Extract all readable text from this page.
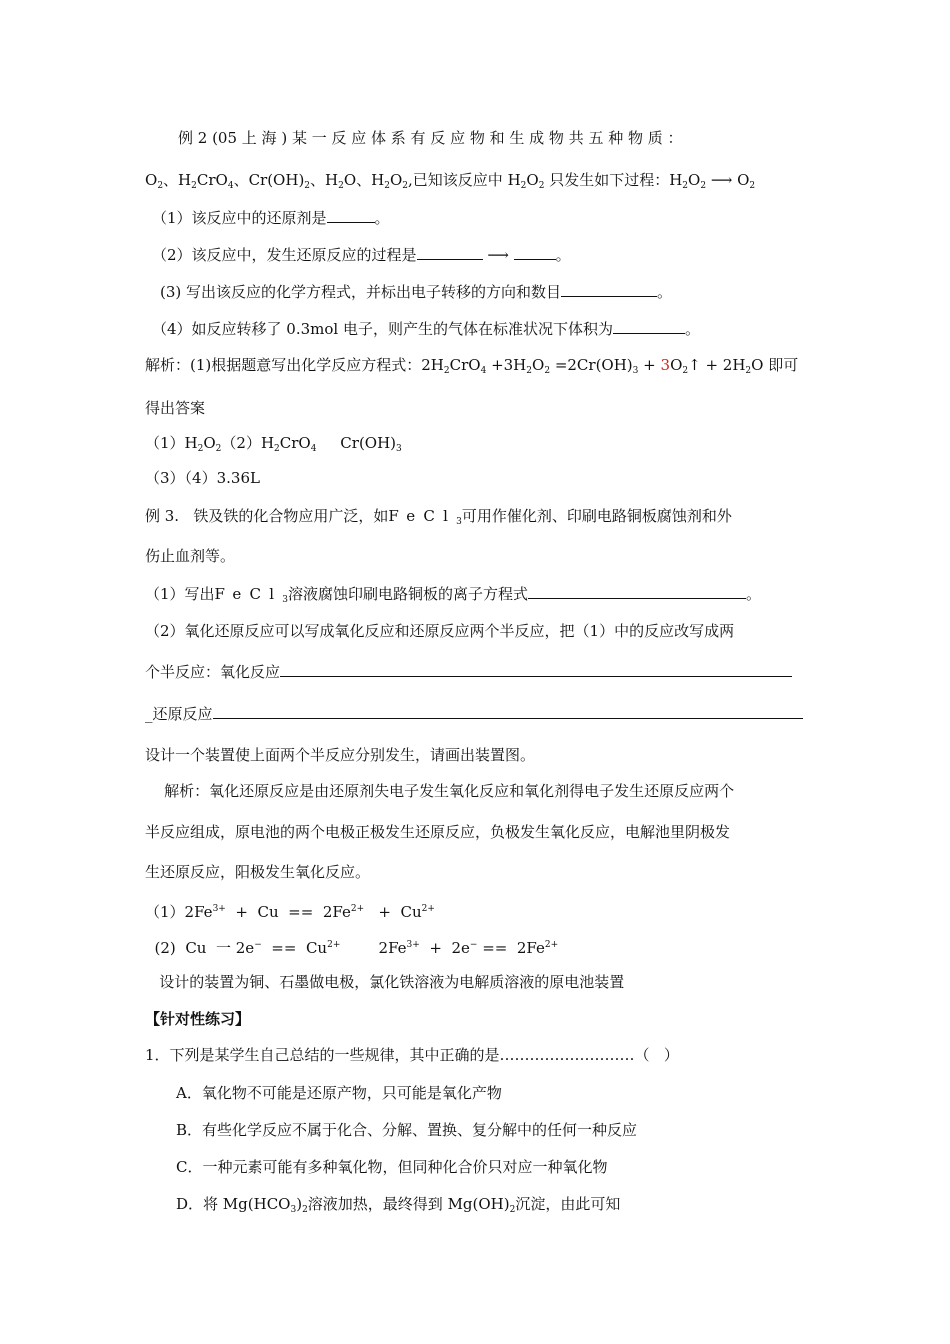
例 2 (05 上 海 ) 某 一 反 应 体 系 有 反 应 物 和 生 成 物 共 五 种 物 质 ：
$O_2$、$H_2CrO_4$、$Cr(OH)_2$、$H_2O$、$H_2O_2$,已知该反应中 $H_2O_2$ 只发生如下过程：$H_2O_2$ ⟶ $O_2$
（1）该反应中的还原剂是	。
（2）该反应中，发生还原反应的过程是	⟶	。
(3) 写出该反应的化学方程式，并标出电子转移的方向和数目	。
（4）如反应转移了 0.3mol 电子，则产生的气体在标准状况下体积为	。
解析：(1)根据题意写出化学反应方程式：$2H_2CrO_4 +3H_2O_2 =2Cr(OH)_3$ + $3O_2↑ + 2H_2O$ 即可
得出答案
$(1)H_2O_2(2)H_2CrO_4$     $Cr(OH)_3$
（3）（4）3.36L
例 3.   铁及铁的化合物应用广泛，如FeCl$_3$可用作催化剂、印刷电路铜板腐蚀剂和外
伤止血剂等。
（1）写出FeCl$_3$溶液腐蚀印刷电路铜板的离子方程式	。
（2）氧化还原反应可以写成氧化反应和还原反应两个半反应，把（1）中的反应改写成两
个半反应：氧化反应
_还原反应
设计一个装置使上面两个半反应分别发生，请画出装置图。
解析：氧化还原反应是由还原剂失电子发生氧化反应和氧化剂得电子发生还原反应两个
半反应组成，原电池的两个电极正极发生还原反应，负极发生氧化反应，电解池里阴极发
生还原反应，阳极发生氧化反应。
$(1)2Fe^{3+} + Cu == 2Fe^{2+} + Cu^{2+}$
(2)  Cu  一 $2e^- == Cu^{2+}$        $2Fe^{3+} + 2e^- == 2Fe^{2+}$
设计的装置为铜、石墨做电极，氯化铁溶液为电解质溶液的原电池装置
【针对性练习】
1．下列是某学生自己总结的一些规律，其中正确的是………………………（   ）
A．氧化物不可能是还原产物，只可能是氧化产物
B．有些化学反应不属于化合、分解、置换、复分解中的任何一种反应
C．一种元素可能有多种氧化物，但同种化合价只对应一种氧化物
D．将 $Mg(HCO_3)_2$溶液加热，最终得到 $Mg(OH)_2$沉淀，由此可知
